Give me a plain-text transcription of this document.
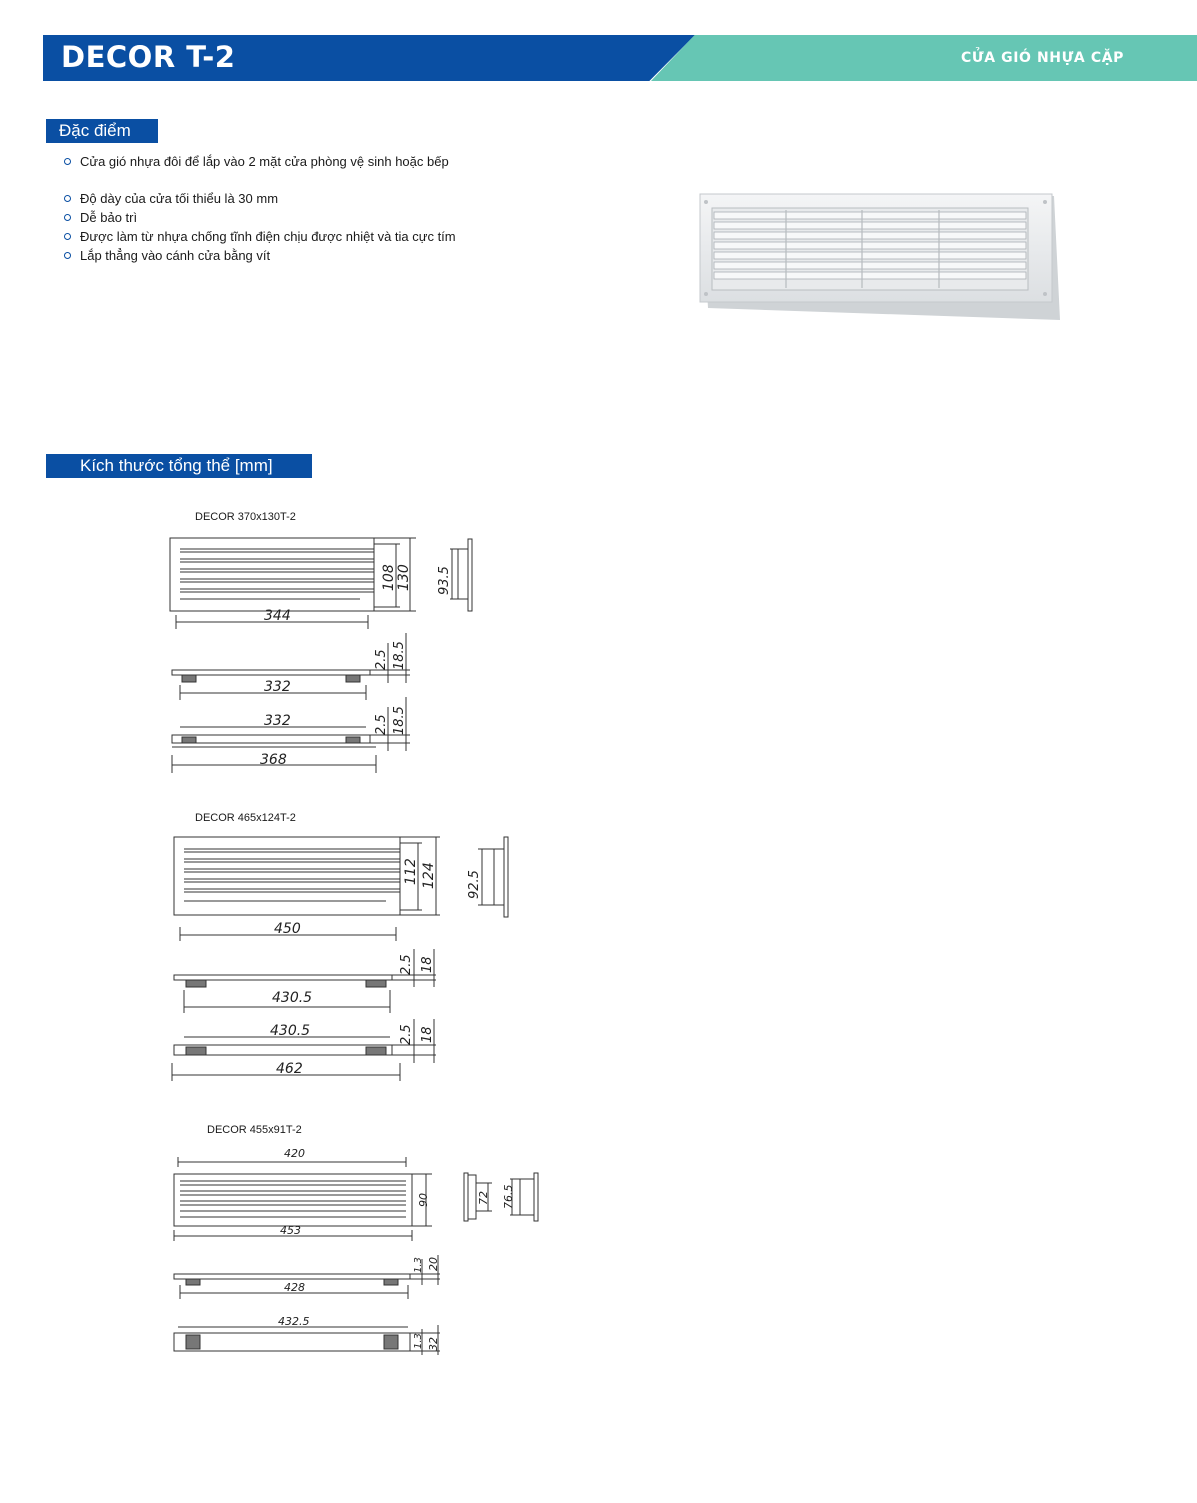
DECOR T-2	CỬA GIÓ NHỰA CẶP
Đặc điểm
Cửa gió nhựa đôi để lắp vào 2 mặt cửa phòng vệ sinh hoặc bếp
Độ dày của cửa tối thiểu là 30 mm
Dễ bảo trì
Được làm từ nhựa chống tĩnh điện chịu được nhiệt và tia cực tím
Lắp thẳng vào cánh cửa bằng vít
Kích thước tổng thể [mm]
DECOR 370x130T-2
DECOR 465x124T-2
DECOR 455x91T-2
344
108 130 93.5
2.5 18.5
332
332	2.5 18.5
368
450
112 124 92.5
2.5 18
430.5
430.5	2.5 18
462
420
90
453
72 76.5
1.3 20
428
432.5
1.3 32
